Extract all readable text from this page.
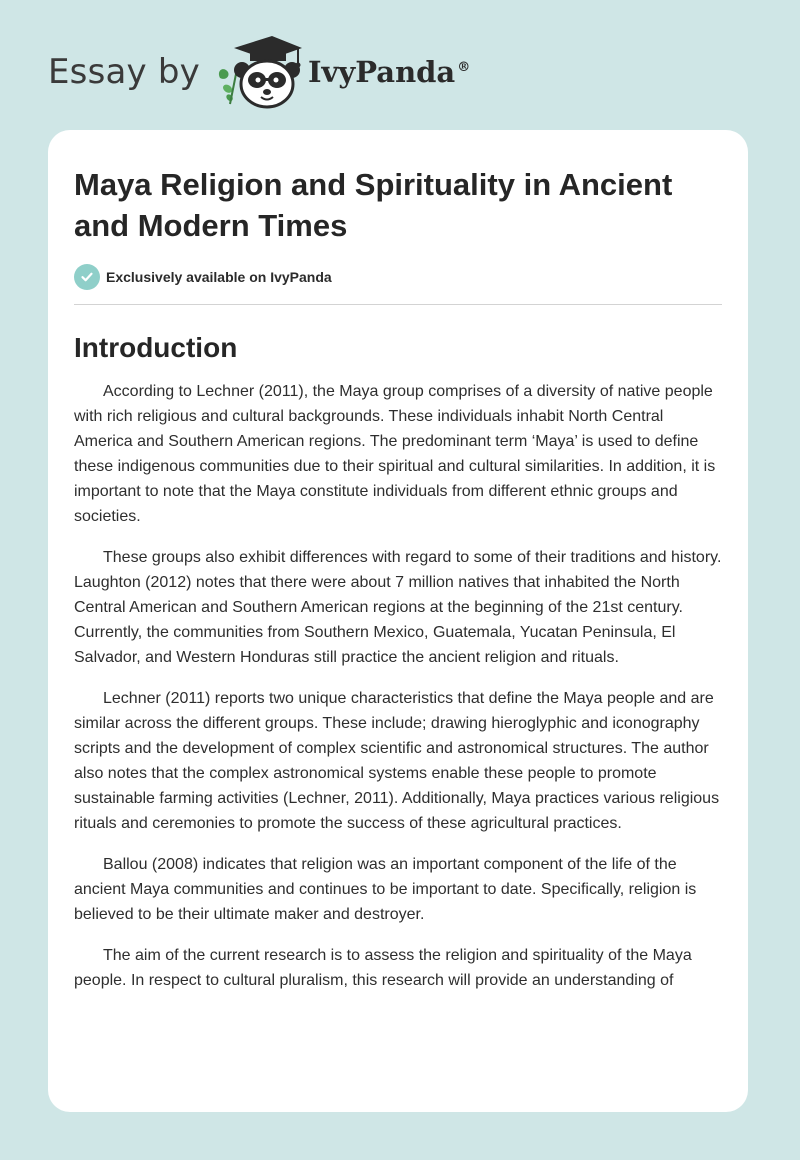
Essay by	IvyPanda ®
Maya Religion and Spirituality in Ancient and Modern Times
Exclusively available on IvyPanda
Introduction

According to Lechner (2011), the Maya group comprises of a diversity of native people with rich religious and cultural backgrounds. These individuals inhabit North Central America and Southern American regions. The predominant term ‘Maya’ is used to define these indigenous communities due to their spiritual and cultural similarities. In addition, it is important to note that the Maya constitute individuals from different ethnic groups and societies.

These groups also exhibit differences with regard to some of their traditions and history. Laughton (2012) notes that there were about 7 million natives that inhabited the North Central American and Southern American regions at the beginning of the 21st century. Currently, the communities from Southern Mexico, Guatemala, Yucatan Peninsula, El Salvador, and Western Honduras still practice the ancient religion and rituals.

Lechner (2011) reports two unique characteristics that define the Maya people and are similar across the different groups. These include; drawing hieroglyphic and iconography scripts and the development of complex scientific and astronomical structures. The author also notes that the complex astronomical systems enable these people to promote sustainable farming activities (Lechner, 2011). Additionally, Maya practices various religious rituals and ceremonies to promote the success of these agricultural practices.

Ballou (2008) indicates that religion was an important component of the life of the ancient Maya communities and continues to be important to date. Specifically, religion is believed to be their ultimate maker and destroyer.

The aim of the current research is to assess the religion and spirituality of the Maya people. In respect to cultural pluralism, this research will provide an understanding of
